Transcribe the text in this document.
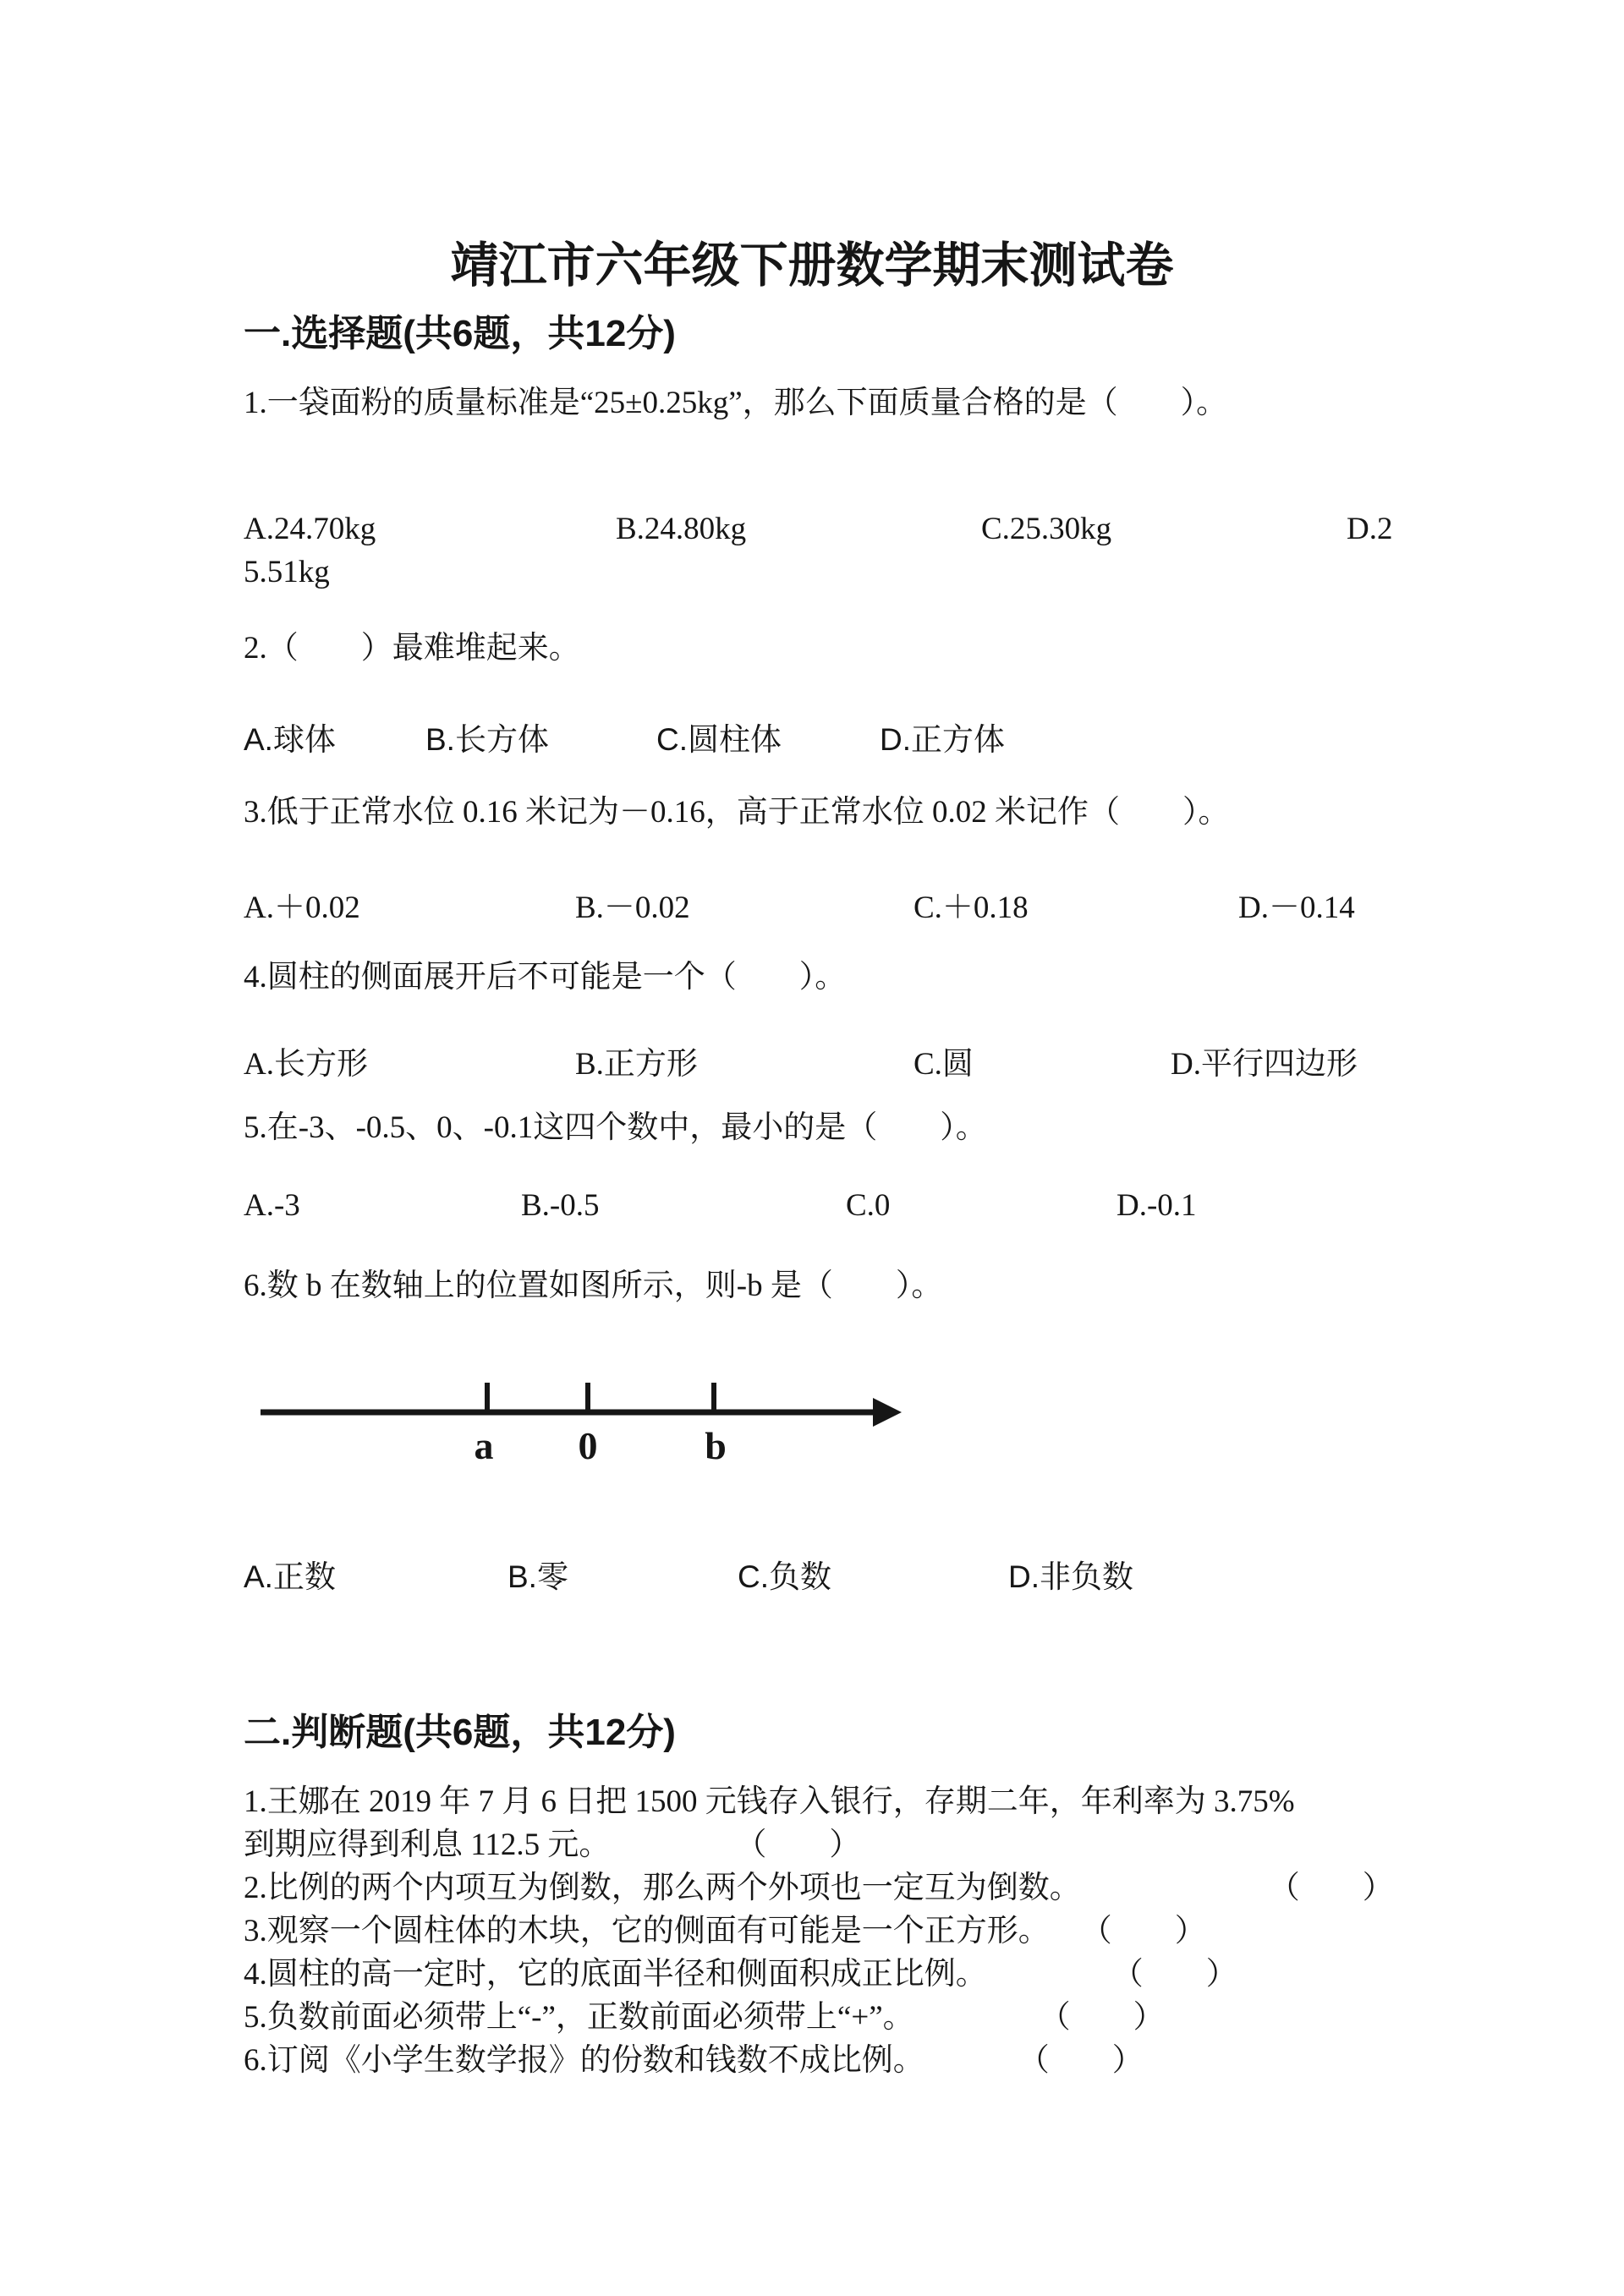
靖江市六年级下册数学期末测试卷

一.选择题(共6题，共12分)

1.一袋面粉的质量标准是“25±0.25kg”，那么下面质量合格的是（　　）。

A.24.70kg	B.24.80kg	C.25.30kg	D.2

5.51kg

2.（　　）最难堆起来。

A.球体	B.长方体	C.圆柱体	D.正方体

3.低于正常水位 0.16 米记为－0.16，高于正常水位 0.02 米记作（　　）。

A.＋0.02	B.－0.02	C.＋0.18	D.－0.14

4.圆柱的侧面展开后不可能是一个（　　）。

A.长方形	B.正方形	C.圆	D.平行四边形

5.在-3、-0.5、0、-0.1这四个数中，最小的是（　　）。

A.-3	B.-0.5	C.0	D.-0.1

6.数 b 在数轴上的位置如图所示，则-b 是（　　）。

a 0	b
A.正数	B.零	C.负数	D.非负数

二.判断题(共6题，共12分)

1.王娜在 2019 年 7 月 6 日把 1500 元钱存入银行，存期二年，年利率为 3.75%

到期应得到利息 112.5 元。　　　　　（　　）

2.比例的两个内项互为倒数，那么两个外项也一定互为倒数。　　　　　　　（　　）

3.观察一个圆柱体的木块，它的侧面有可能是一个正方形。　　（　　）

4.圆柱的高一定时，它的底面半径和侧面积成正比例。　　　　　（　　）

5.负数前面必须带上“-”，正数前面必须带上“+”。　　　　　（　　）

6.订阅《小学生数学报》的份数和钱数不成比例。　　　　（　　）
